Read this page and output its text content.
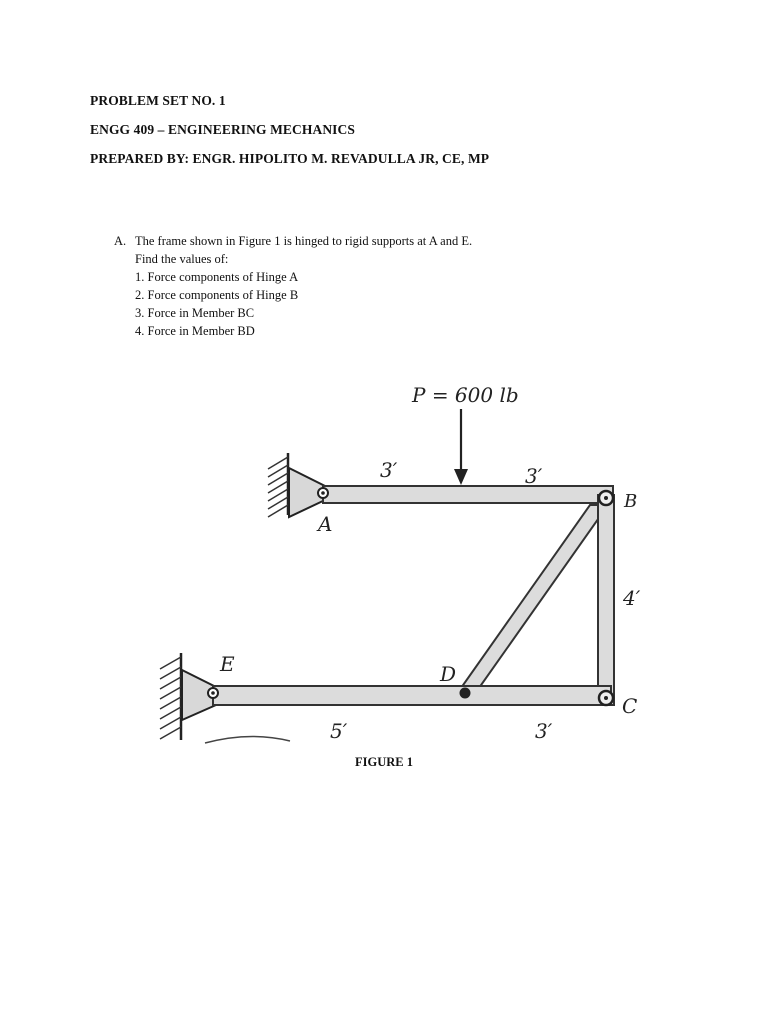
PROBLEM SET NO. 1
ENGG 409 – ENGINEERING MECHANICS
PREPARED BY: ENGR. HIPOLITO M. REVADULLA JR, CE, MP
A. The frame shown in Figure 1 is hinged to rigid supports at A and E.
Find the values of:
1. Force components of Hinge A
2. Force components of Hinge B
3. Force in Member BC
4. Force in Member BD
P = 600 lb
3′	3′
4′
5′	3′
A
B
C
D
E
FIGURE 1
